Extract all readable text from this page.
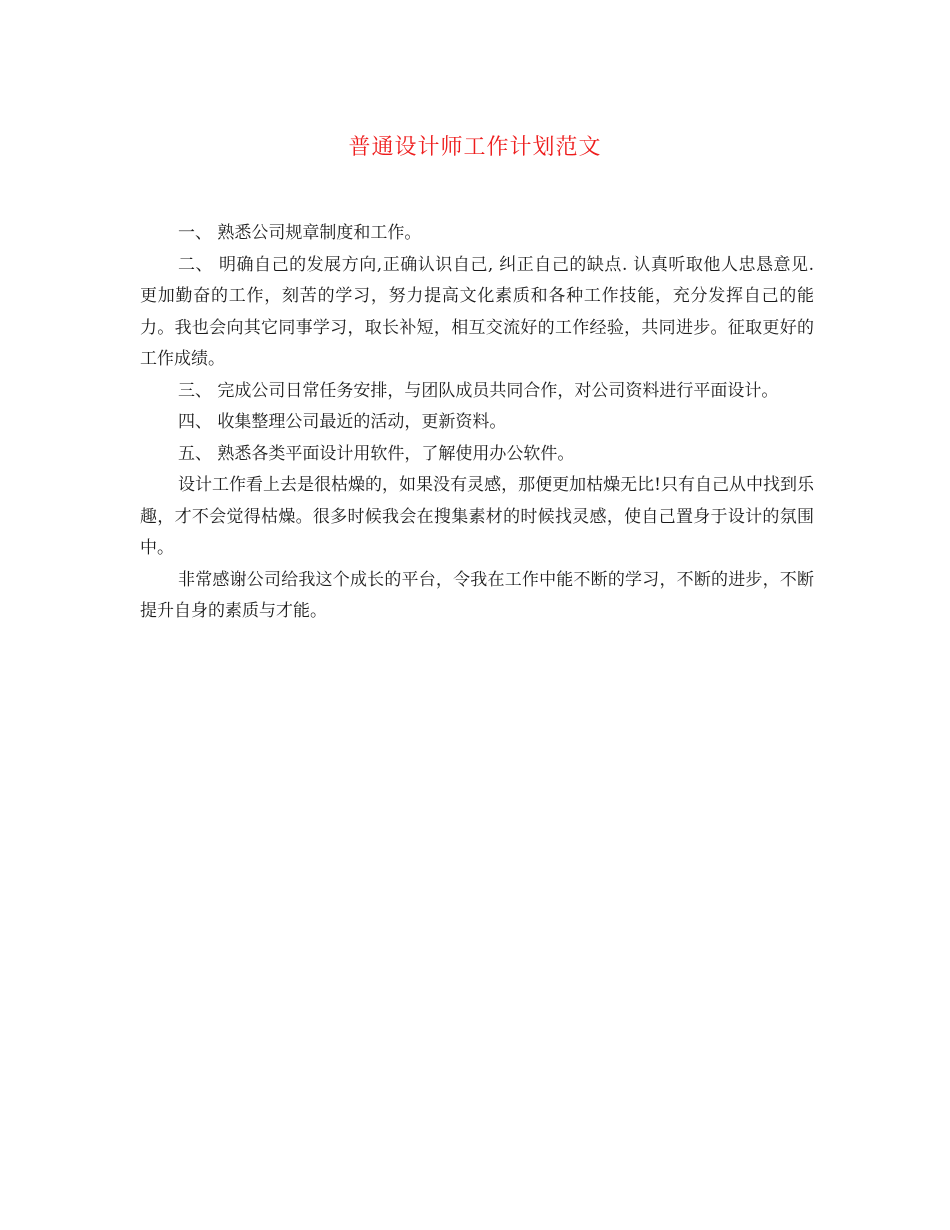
普通设计师工作计划范文

一、 熟悉公司规章制度和工作。

二、 明确自己的发展方向,正确认识自己, 纠正自己的缺点. 认真听取他人忠恳意见. 更加勤奋的工作，刻苦的学习，努力提高文化素质和各种工作技能，充分发挥自己的能力。我也会向其它同事学习，取长补短，相互交流好的工作经验，共同进步。征取更好的工作成绩。

三、 完成公司日常任务安排，与团队成员共同合作，对公司资料进行平面设计。

四、 收集整理公司最近的活动，更新资料。

五、 熟悉各类平面设计用软件，了解使用办公软件。

设计工作看上去是很枯燥的，如果没有灵感，那便更加枯燥无比!只有自己从中找到乐趣，才不会觉得枯燥。很多时候我会在搜集素材的时候找灵感，使自己置身于设计的氛围中。

非常感谢公司给我这个成长的平台，令我在工作中能不断的学习，不断的进步，不断提升自身的素质与才能。
